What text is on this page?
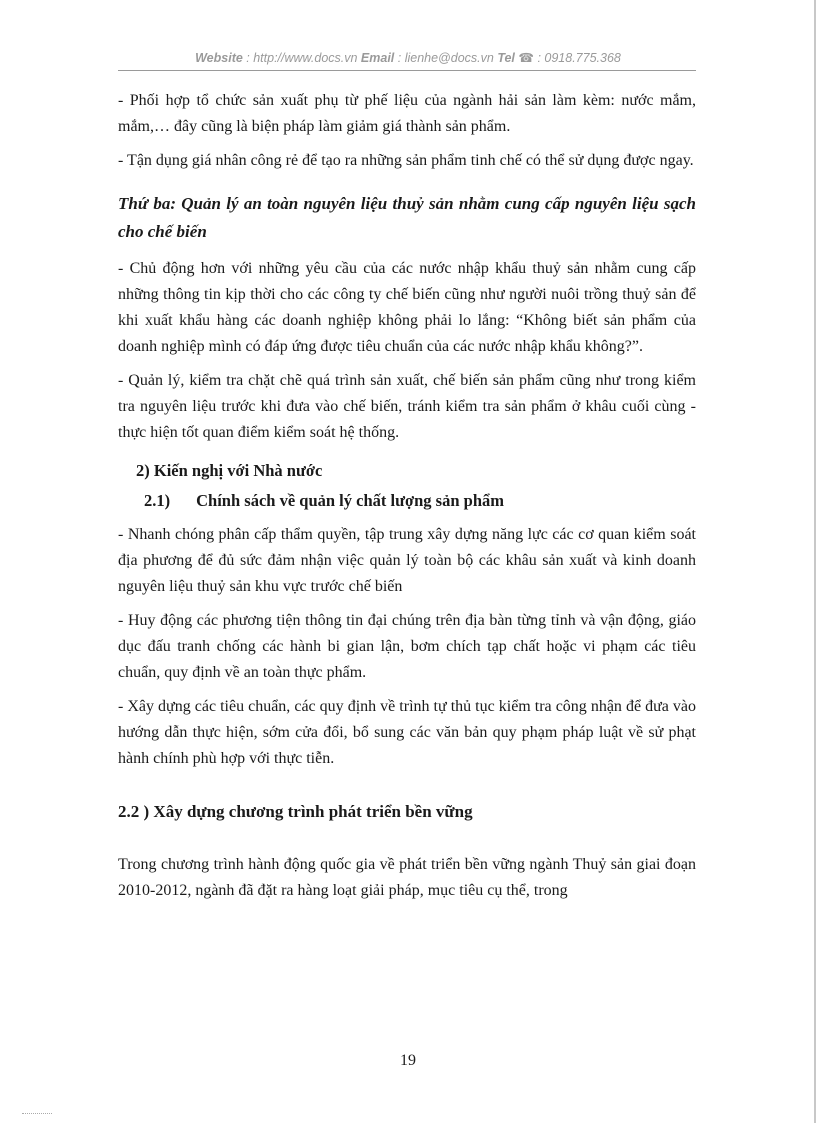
Website : http://www.docs.vn Email : lienhe@docs.vn Tel ☎ : 0918.775.368

- Phối hợp tổ chức sản xuất phụ từ phế liệu của ngành hải sản làm kèm: nước mắm, mắm,… đây cũng là biện pháp làm giảm giá thành sản phẩm.

- Tận dụng giá nhân công rẻ để tạo ra những sản phẩm tinh chế có thể sử dụng được ngay.

Thứ ba: Quản lý an toàn nguyên liệu thuỷ sản nhằm cung cấp nguyên liệu sạch cho chế biến

- Chủ động hơn với những yêu cầu của các nước nhập khẩu thuỷ sản nhằm cung cấp những thông tin kịp thời cho các công ty chế biến cũng như người nuôi trồng thuỷ sản để khi xuất khẩu hàng các doanh nghiệp không phải lo lắng: “Không biết sản phẩm của doanh nghiệp mình có đáp ứng được tiêu chuẩn của các nước nhập khẩu không?”.

- Quản lý, kiểm tra chặt chẽ quá trình sản xuất, chế biến sản phẩm cũng như trong kiểm tra nguyên liệu trước khi đưa vào chế biến, tránh kiểm tra sản phẩm ở khâu cuối cùng - thực hiện tốt quan điểm kiểm soát hệ thống.

2) Kiến nghị với Nhà nước
2.1) Chính sách về quản lý chất lượng sản phẩm

- Nhanh chóng phân cấp thẩm quyền, tập trung xây dựng năng lực các cơ quan kiểm soát địa phương để đủ sức đảm nhận việc quản lý toàn bộ các khâu sản xuất và kinh doanh nguyên liệu thuỷ sản khu vực trước chế biến

- Huy động các phương tiện thông tin đại chúng trên địa bàn từng tỉnh và vận động, giáo dục đấu tranh chống các hành bi gian lận, bơm chích tạp chất hoặc vi phạm các tiêu chuẩn, quy định về an toàn thực phẩm.

- Xây dựng các tiêu chuẩn, các quy định về trình tự thủ tục kiểm tra công nhận để đưa vào hướng dẫn thực hiện, sớm cửa đổi, bổ sung các văn bản quy phạm pháp luật về sử phạt hành chính phù hợp với thực tiễn.

2.2 ) Xây dựng chương trình phát triển bền vững

Trong chương trình hành động quốc gia về phát triển bền vững ngành Thuỷ sản giai đoạn 2010-2012, ngành đã đặt ra hàng loạt giải pháp, mục tiêu cụ thể, trong

19
